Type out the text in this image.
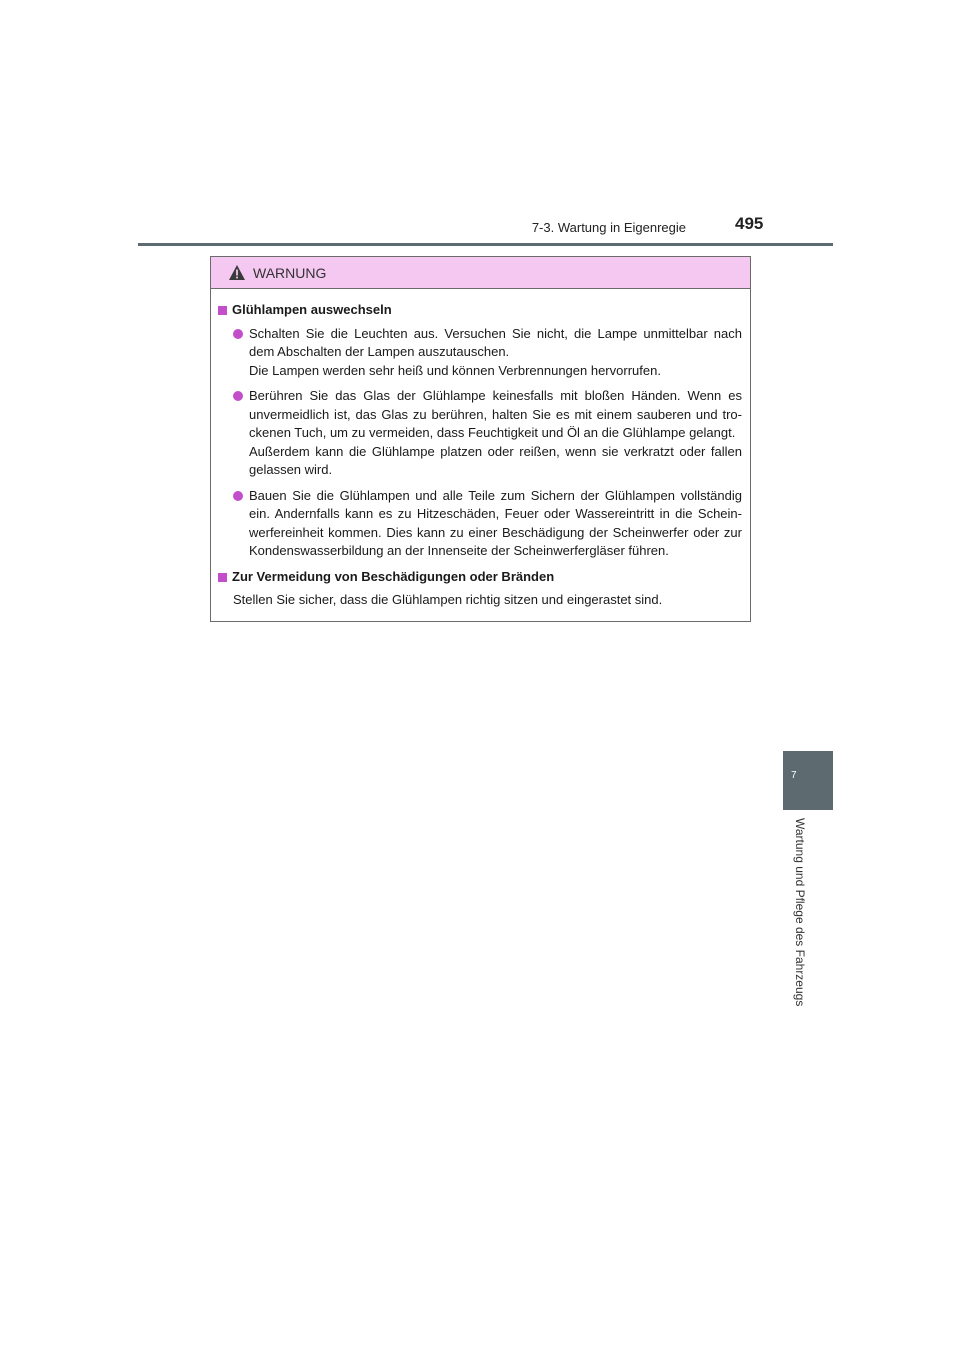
7-3. Wartung in Eigenregie	495
7
Wartung und Pflege des Fahrzeugs
WARNUNG
Glühlampen auswechseln

Schalten Sie die Leuchten aus. Versuchen Sie nicht, die Lampe unmittelbar nach dem Abschalten der Lampen auszutauschen.

Die Lampen werden sehr heiß und können Verbrennungen hervorrufen.

Berühren Sie das Glas der Glühlampe keinesfalls mit bloßen Händen. Wenn es unvermeidlich ist, das Glas zu berühren, halten Sie es mit einem sauberen und trockenen Tuch, um zu vermeiden, dass Feuchtigkeit und Öl an die Glühlampe gelangt.

Außerdem kann die Glühlampe platzen oder reißen, wenn sie verkratzt oder fallen gelassen wird.

Bauen Sie die Glühlampen und alle Teile zum Sichern der Glühlampen vollständig ein. Andernfalls kann es zu Hitzeschäden, Feuer oder Wassereintritt in die Scheinwerfereinheit kommen. Dies kann zu einer Beschädigung der Scheinwerfer oder zur Kondenswasserbildung an der Innenseite der Scheinwerfergläser führen.

Zur Vermeidung von Beschädigungen oder Bränden

Stellen Sie sicher, dass die Glühlampen richtig sitzen und eingerastet sind.
